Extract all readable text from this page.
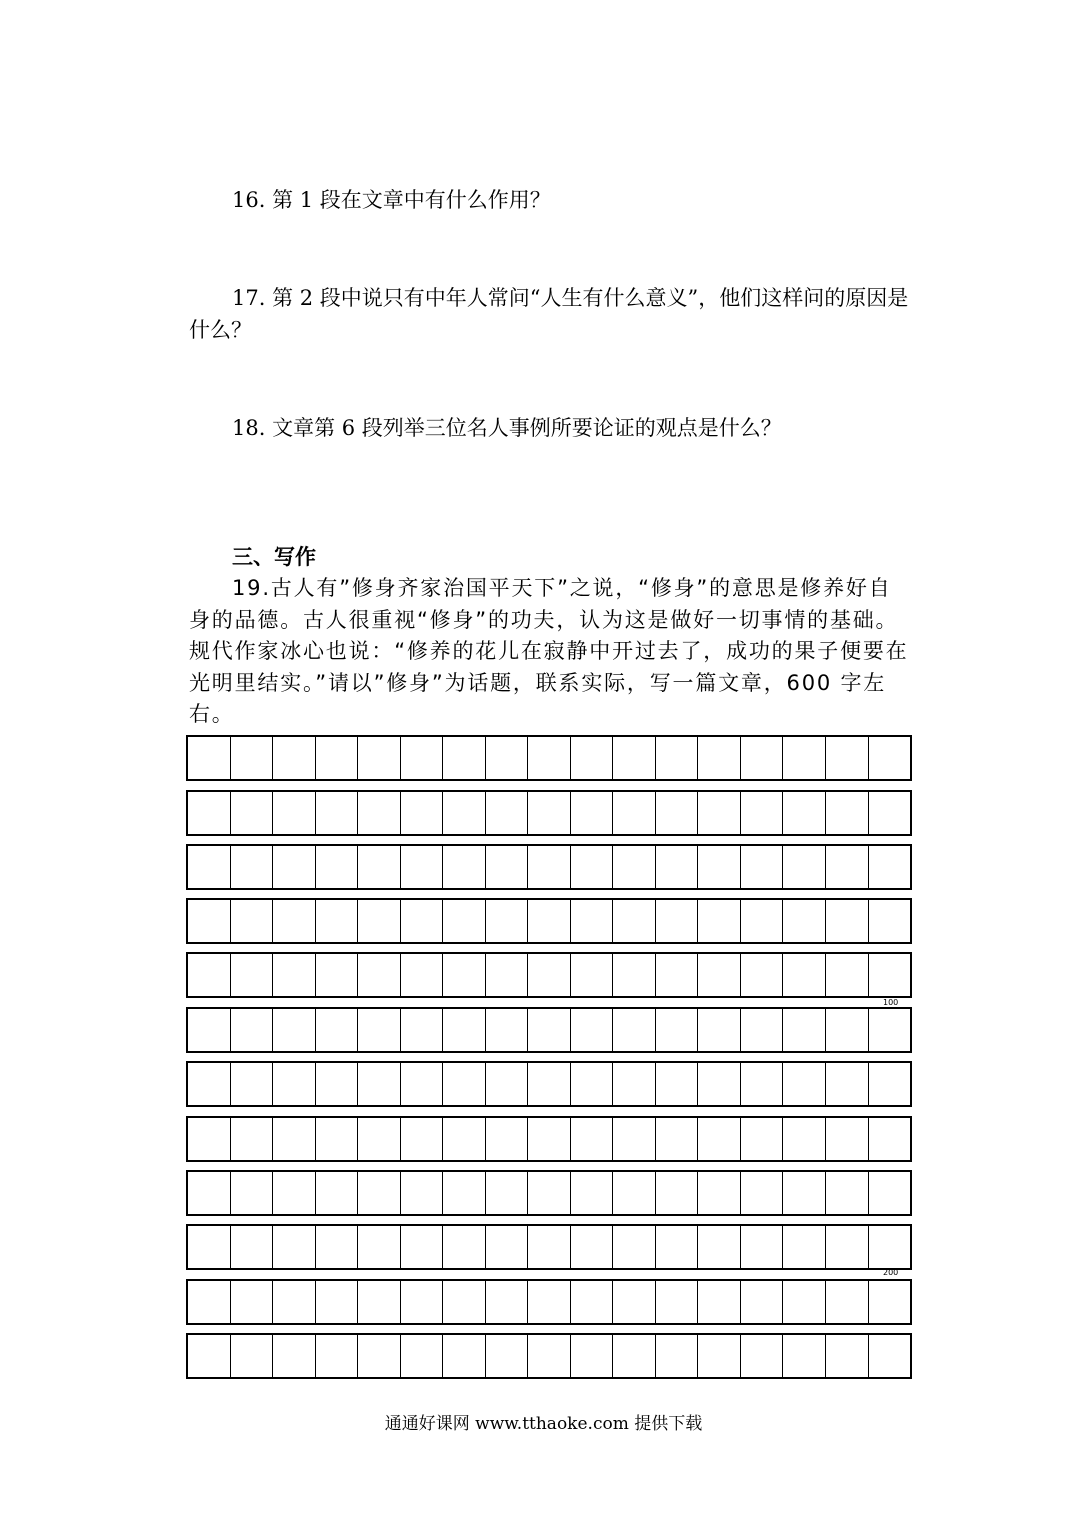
16. 第 1 段在文章中有什么作用？

17. 第 2 段中说只有中年人常问“人生有什么意义”，他们这样问的原因是什么？

18. 文章第 6 段列举三位名人事例所要论证的观点是什么？

三、写作

19.古人有”修身齐家治国平天下”之说，“修身”的意思是修养好自身的品德。古人很重视“修身”的功夫，认为这是做好一切事情的基础。规代作家冰心也说：“修养的花儿在寂静中开过去了，成功的果子便要在光明里结实。”请以”修身”为话题，联系实际，写一篇文章，600 字左右。

100
200
通通好课网 www.tthaoke.com 提供下载
